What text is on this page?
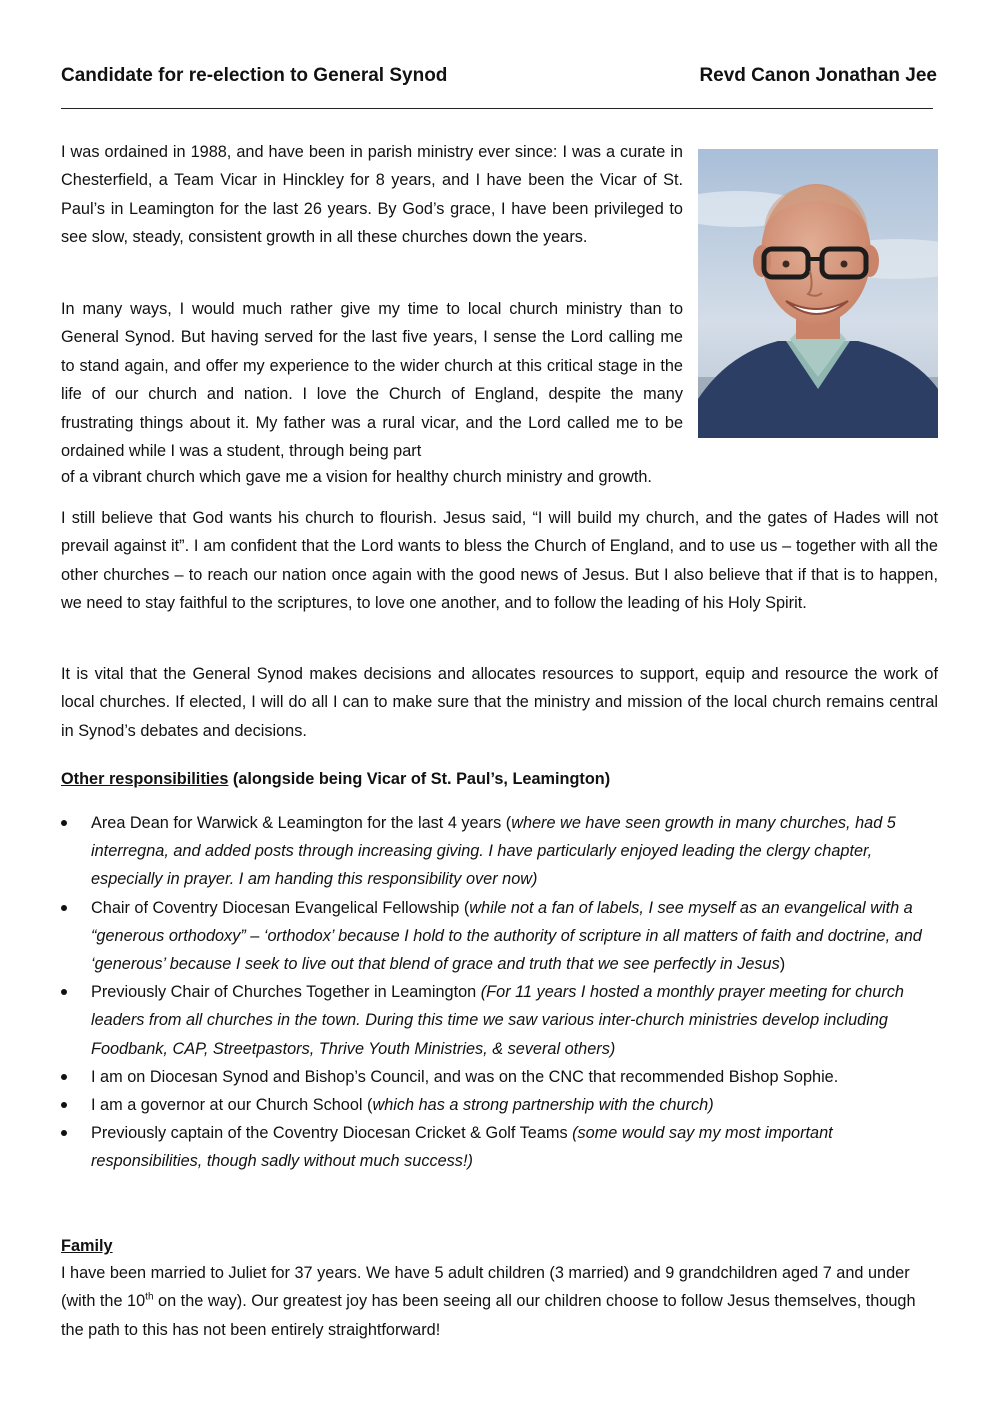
Candidate for re-election to General Synod	Revd Canon Jonathan Jee

I was ordained in 1988, and have been in parish ministry ever since: I was a curate in Chesterfield, a Team Vicar in Hinckley for 8 years, and I have been the Vicar of St. Paul’s in Leamington for the last 26 years. By God’s grace, I have been privileged to see slow, steady, consistent growth in all these churches down the years.

In many ways, I would much rather give my time to local church ministry than to General Synod. But having served for the last five years, I sense the Lord calling me to stand again, and offer my experience to the wider church at this critical stage in the life of our church and nation. I love the Church of England, despite the many frustrating things about it. My father was a rural vicar, and the Lord called me to be ordained while I was a student, through being part

of a vibrant church which gave me a vision for healthy church ministry and growth.

I still believe that God wants his church to flourish. Jesus said, “I will build my church, and the gates of Hades will not prevail against it”. I am confident that the Lord wants to bless the Church of England, and to use us – together with all the other churches – to reach our nation once again with the good news of Jesus. But I also believe that if that is to happen, we need to stay faithful to the scriptures, to love one another, and to follow the leading of his Holy Spirit.

It is vital that the General Synod makes decisions and allocates resources to support, equip and resource the work of local churches. If elected, I will do all I can to make sure that the ministry and mission of the local church remains central in Synod’s debates and decisions.

Other responsibilities (alongside being Vicar of St. Paul’s, Leamington)
Area Dean for Warwick & Leamington for the last 4 years (where we have seen growth in many churches, had 5 interregna, and added posts through increasing giving. I have particularly enjoyed leading the clergy chapter, especially in prayer. I am handing this responsibility over now)
Chair of Coventry Diocesan Evangelical Fellowship (while not a fan of labels, I see myself as an evangelical with a “generous orthodoxy” – ‘orthodox’ because I hold to the authority of scripture in all matters of faith and doctrine, and ‘generous’ because I seek to live out that blend of grace and truth that we see perfectly in Jesus)
Previously Chair of Churches Together in Leamington (For 11 years I hosted a monthly prayer meeting for church leaders from all churches in the town. During this time we saw various inter-church ministries develop including Foodbank, CAP, Streetpastors, Thrive Youth Ministries, & several others)
I am on Diocesan Synod and Bishop’s Council, and was on the CNC that recommended Bishop Sophie.
I am a governor at our Church School (which has a strong partnership with the church)
Previously captain of the Coventry Diocesan Cricket & Golf Teams (some would say my most important responsibilities, though sadly without much success!)
Family

I have been married to Juliet for 37 years. We have 5 adult children (3 married) and 9 grandchildren aged 7 and under (with the 10th on the way). Our greatest joy has been seeing all our children choose to follow Jesus themselves, though the path to this has not been entirely straightforward!
